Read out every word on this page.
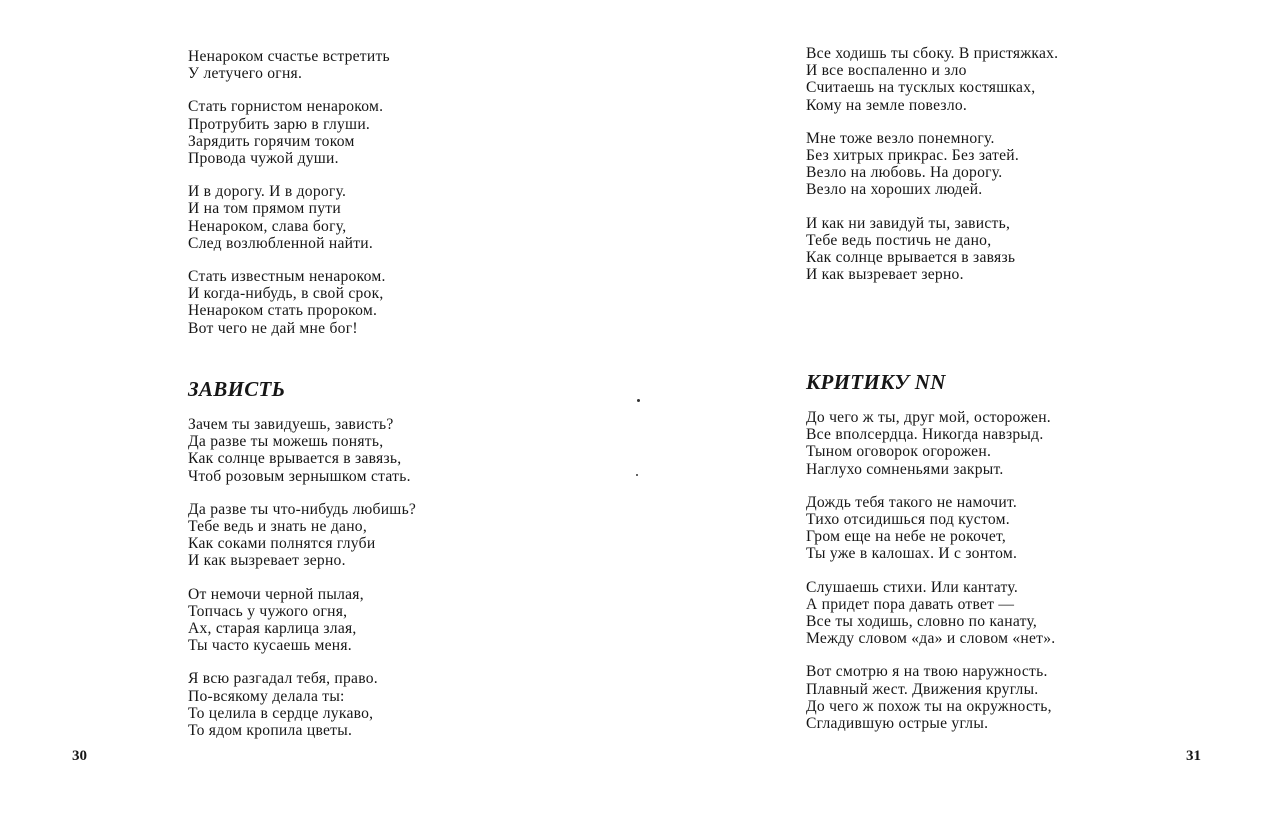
Ненароком счастье встретить
У летучего огня.
Стать горнистом ненароком.
Протрубить зарю в глуши.
Зарядить горячим током
Провода чужой души.
И в дорогу. И в дорогу.
И на том прямом пути
Ненароком, слава богу,
След возлюбленной найти.
Стать известным ненароком.
И когда-нибудь, в свой срок,
Ненароком стать пророком.
Вот чего не дай мне бог!
ЗАВИСТЬ
Зачем ты завидуешь, зависть?
Да разве ты можешь понять,
Как солнце врывается в завязь,
Чтоб розовым зернышком стать.
Да разве ты что-нибудь любишь?
Тебе ведь и знать не дано,
Как соками полнятся глуби
И как вызревает зерно.
От немочи черной пылая,
Топчась у чужого огня,
Ах, старая карлица злая,
Ты часто кусаешь меня.
Я всю разгадал тебя, право.
По-всякому делала ты:
То целила в сердце лукаво,
То ядом кропила цветы.
30
Все ходишь ты сбоку. В пристяжках.
И все воспаленно и зло
Считаешь на тусклых костяшках,
Кому на земле повезло.
Мне тоже везло понемногу.
Без хитрых прикрас. Без затей.
Везло на любовь. На дорогу.
Везло на хороших людей.
И как ни завидуй ты, зависть,
Тебе ведь постичь не дано,
Как солнце врывается в завязь
И как вызревает зерно.
КРИТИКУ NN
До чего ж ты, друг мой, осторожен.
Все вполсердца. Никогда навзрыд.
Тыном оговорок огорожен.
Наглухо сомненьями закрыт.
Дождь тебя такого не намочит.
Тихо отсидишься под кустом.
Гром еще на небе не рокочет,
Ты уже в калошах. И с зонтом.
Слушаешь стихи. Или кантату.
А придет пора давать ответ —
Все ты ходишь, словно по канату,
Между словом «да» и словом «нет».
Вот смотрю я на твою наружность.
Плавный жест. Движения круглы.
До чего ж похож ты на окружность,
Сгладившую острые углы.
31
